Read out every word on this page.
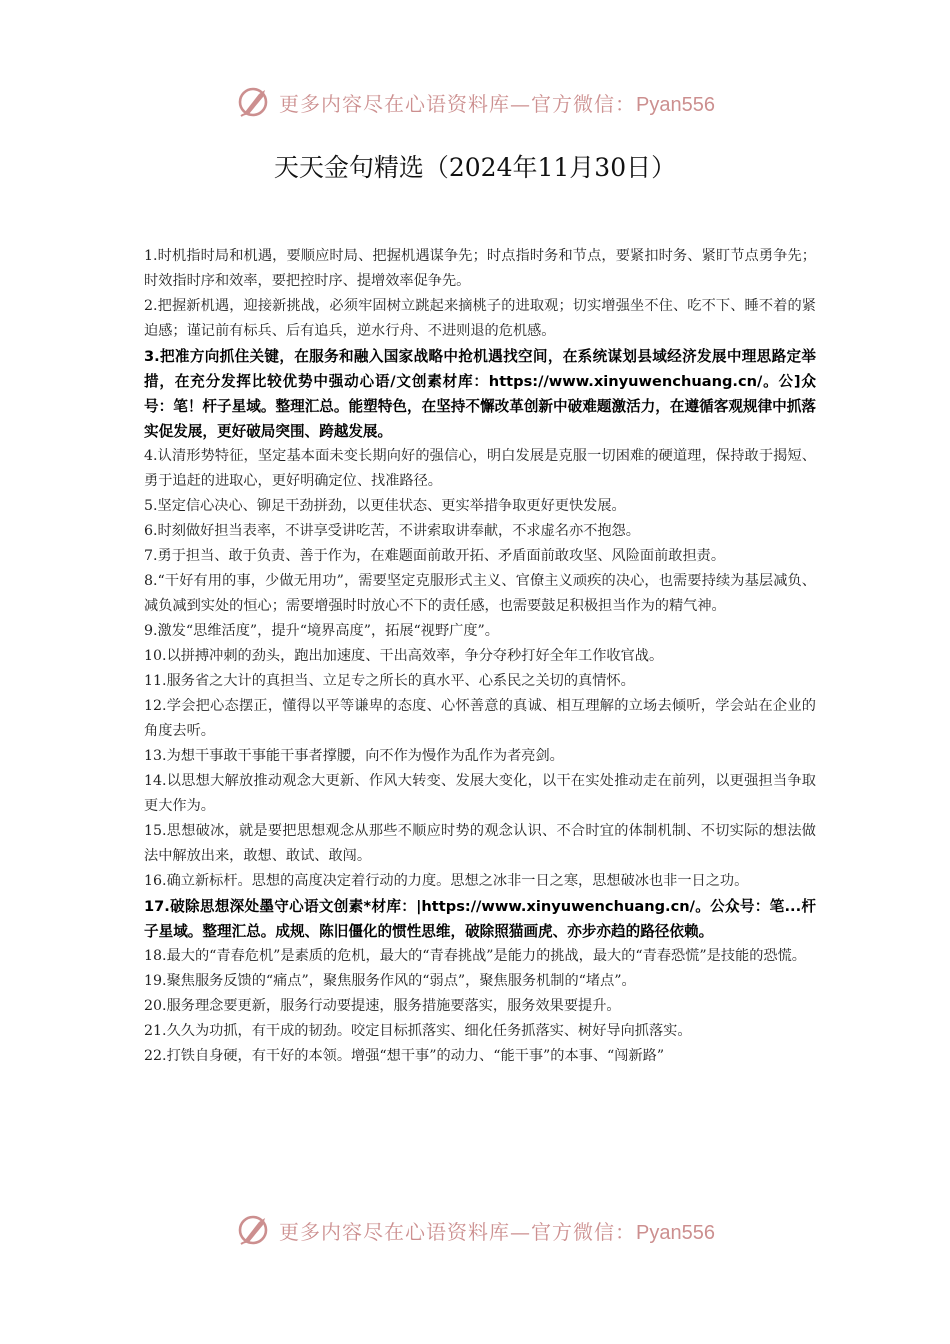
更多内容尽在心语资料库—官方微信：Pyan556
天天金句精选（2024年11月30日）

1.时机指时局和机遇，要顺应时局、把握机遇谋争先；时点指时务和节点，要紧扣时务、紧盯节点勇争先；时效指时序和效率，要把控时序、提增效率促争先。

2.把握新机遇，迎接新挑战，必须牢固树立跳起来摘桃子的进取观；切实增强坐不住、吃不下、睡不着的紧迫感；谨记前有标兵、后有追兵，逆水行舟、不进则退的危机感。

3.把准方向抓住关键，在服务和融入国家战略中抢机遇找空间，在系统谋划县域经济发展中理思路定举措，在充分发挥比较优势中强动心语/文创素材库：https://www.xinyuwenchuang.cn/。公]众号：笔！杆子星域。整理汇总。能塑特色，在坚持不懈改革创新中破难题激活力，在遵循客观规律中抓落实促发展，更好破局突围、跨越发展。

4.认清形势特征，坚定基本面未变长期向好的强信心，明白发展是克服一切困难的硬道理，保持敢于揭短、勇于追赶的进取心，更好明确定位、找准路径。

5.坚定信心决心、铆足干劲拼劲，以更佳状态、更实举措争取更好更快发展。

6.时刻做好担当表率，不讲享受讲吃苦，不讲索取讲奉献，不求虚名亦不抱怨。

7.勇于担当、敢于负责、善于作为，在难题面前敢开拓、矛盾面前敢攻坚、风险面前敢担责。

8.“干好有用的事，少做无用功”，需要坚定克服形式主义、官僚主义顽疾的决心，也需要持续为基层减负、减负减到实处的恒心；需要增强时时放心不下的责任感，也需要鼓足积极担当作为的精气神。

9.激发“思维活度”，提升“境界高度”，拓展“视野广度”。

10.以拼搏冲刺的劲头，跑出加速度、干出高效率，争分夺秒打好全年工作收官战。

11.服务省之大计的真担当、立足专之所长的真水平、心系民之关切的真情怀。

12.学会把心态摆正，懂得以平等谦卑的态度、心怀善意的真诚、相互理解的立场去倾听，学会站在企业的角度去听。

13.为想干事敢干事能干事者撑腰，向不作为慢作为乱作为者亮剑。

14.以思想大解放推动观念大更新、作风大转变、发展大变化，以干在实处推动走在前列，以更强担当争取更大作为。

15.思想破冰，就是要把思想观念从那些不顺应时势的观念认识、不合时宜的体制机制、不切实际的想法做法中解放出来，敢想、敢试、敢闯。

16.确立新标杆。思想的高度决定着行动的力度。思想之冰非一日之寒，思想破冰也非一日之功。

17.破除思想深处墨守心语文创素*材库：|https://www.xinyuwenchuang.cn/。公众号：笔...杆子星域。整理汇总。成规、陈旧僵化的惯性思维，破除照猫画虎、亦步亦趋的路径依赖。

18.最大的“青春危机”是素质的危机，最大的“青春挑战”是能力的挑战，最大的“青春恐慌”是技能的恐慌。

19.聚焦服务反馈的“痛点”，聚焦服务作风的“弱点”，聚焦服务机制的“堵点”。

20.服务理念要更新，服务行动要提速，服务措施要落实，服务效果要提升。

21.久久为功抓，有干成的韧劲。咬定目标抓落实、细化任务抓落实、树好导向抓落实。

22.打铁自身硬，有干好的本领。增强“想干事”的动力、“能干事”的本事、“闯新路”

更多内容尽在心语资料库—官方微信：Pyan556
